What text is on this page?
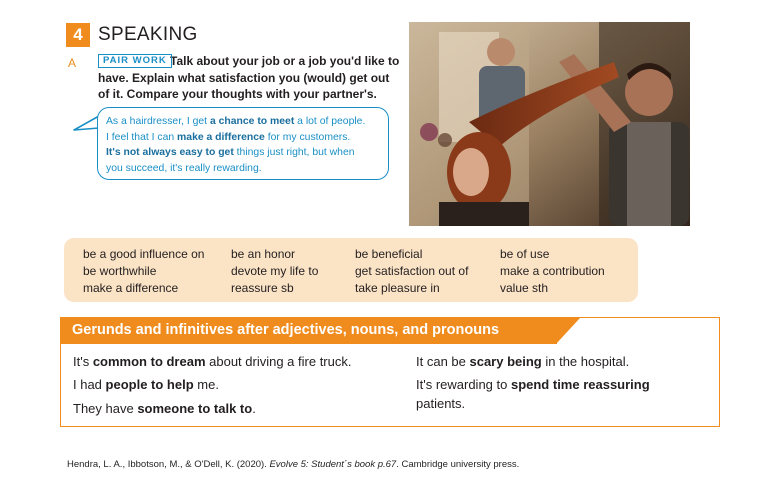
4 SPEAKING
A	Talk about your job or a job you'd like to have. Explain what satisfaction you (would) get out of it. Compare your thoughts with your partner's.
PAIR WORK

As a hairdresser, I get a chance to meet a lot of people.

I feel that I can make a difference for my customers.

It's not always easy to get things just right, but when

you succeed, it's really rewarding.

be a good influence on
be worthwhile
make a difference
be an honor
devote my life to
reassure sb
be beneficial
get satisfaction out of
take pleasure in
be of use
make a contribution
value sth
Gerunds and infinitives after adjectives, nouns, and pronouns
It's common to dream about driving a fire truck.
I had people to help me.
They have someone to talk to.
It can be scary being in the hospital.
It's rewarding to spend time reassuring
patients.
Hendra, L. A., Ibbotson, M., & O'Dell, K. (2020). Evolve 5: Student´s book p.67. Cambridge university press.
